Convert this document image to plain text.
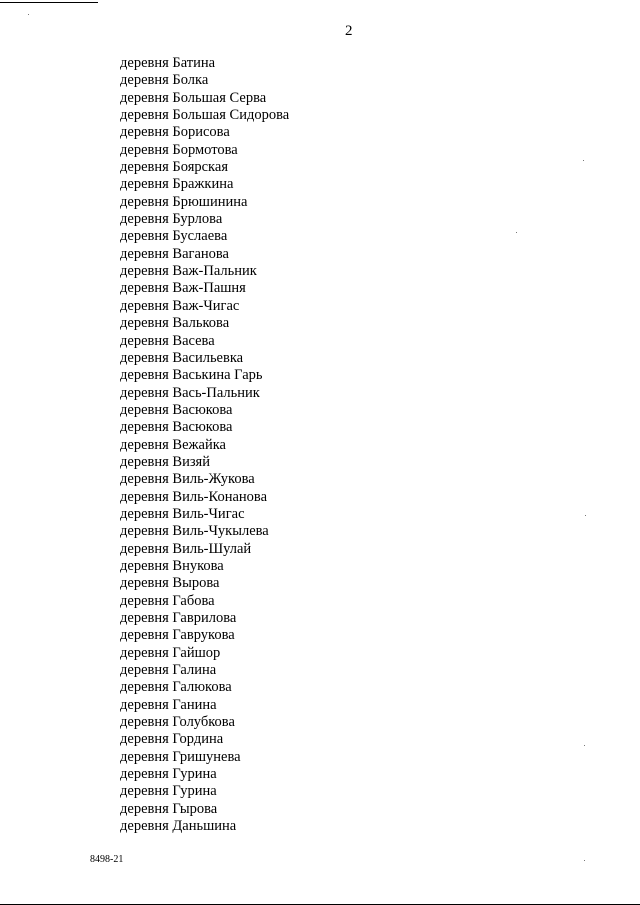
2
деревня Батина
деревня Болка
деревня Большая Серва
деревня Большая Сидорова
деревня Борисова
деревня Бормотова
деревня Боярская
деревня Бражкина
деревня Брюшинина
деревня Бурлова
деревня Буслаева
деревня Ваганова
деревня Важ-Пальник
деревня Важ-Пашня
деревня Важ-Чигас
деревня Валькова
деревня Васева
деревня Васильевка
деревня Васькина Гарь
деревня Вась-Пальник
деревня Васюкова
деревня Васюкова
деревня Вежайка
деревня Визяй
деревня Виль-Жукова
деревня Виль-Конанова
деревня Виль-Чигас
деревня Виль-Чукылева
деревня Виль-Шулай
деревня Внукова
деревня Вырова
деревня Габова
деревня Гаврилова
деревня Гаврукова
деревня Гайшор
деревня Галина
деревня Галюкова
деревня Ганина
деревня Голубкова
деревня Гордина
деревня Гришунева
деревня Гурина
деревня Гурина
деревня Гырова
деревня Даньшина
8498-21
